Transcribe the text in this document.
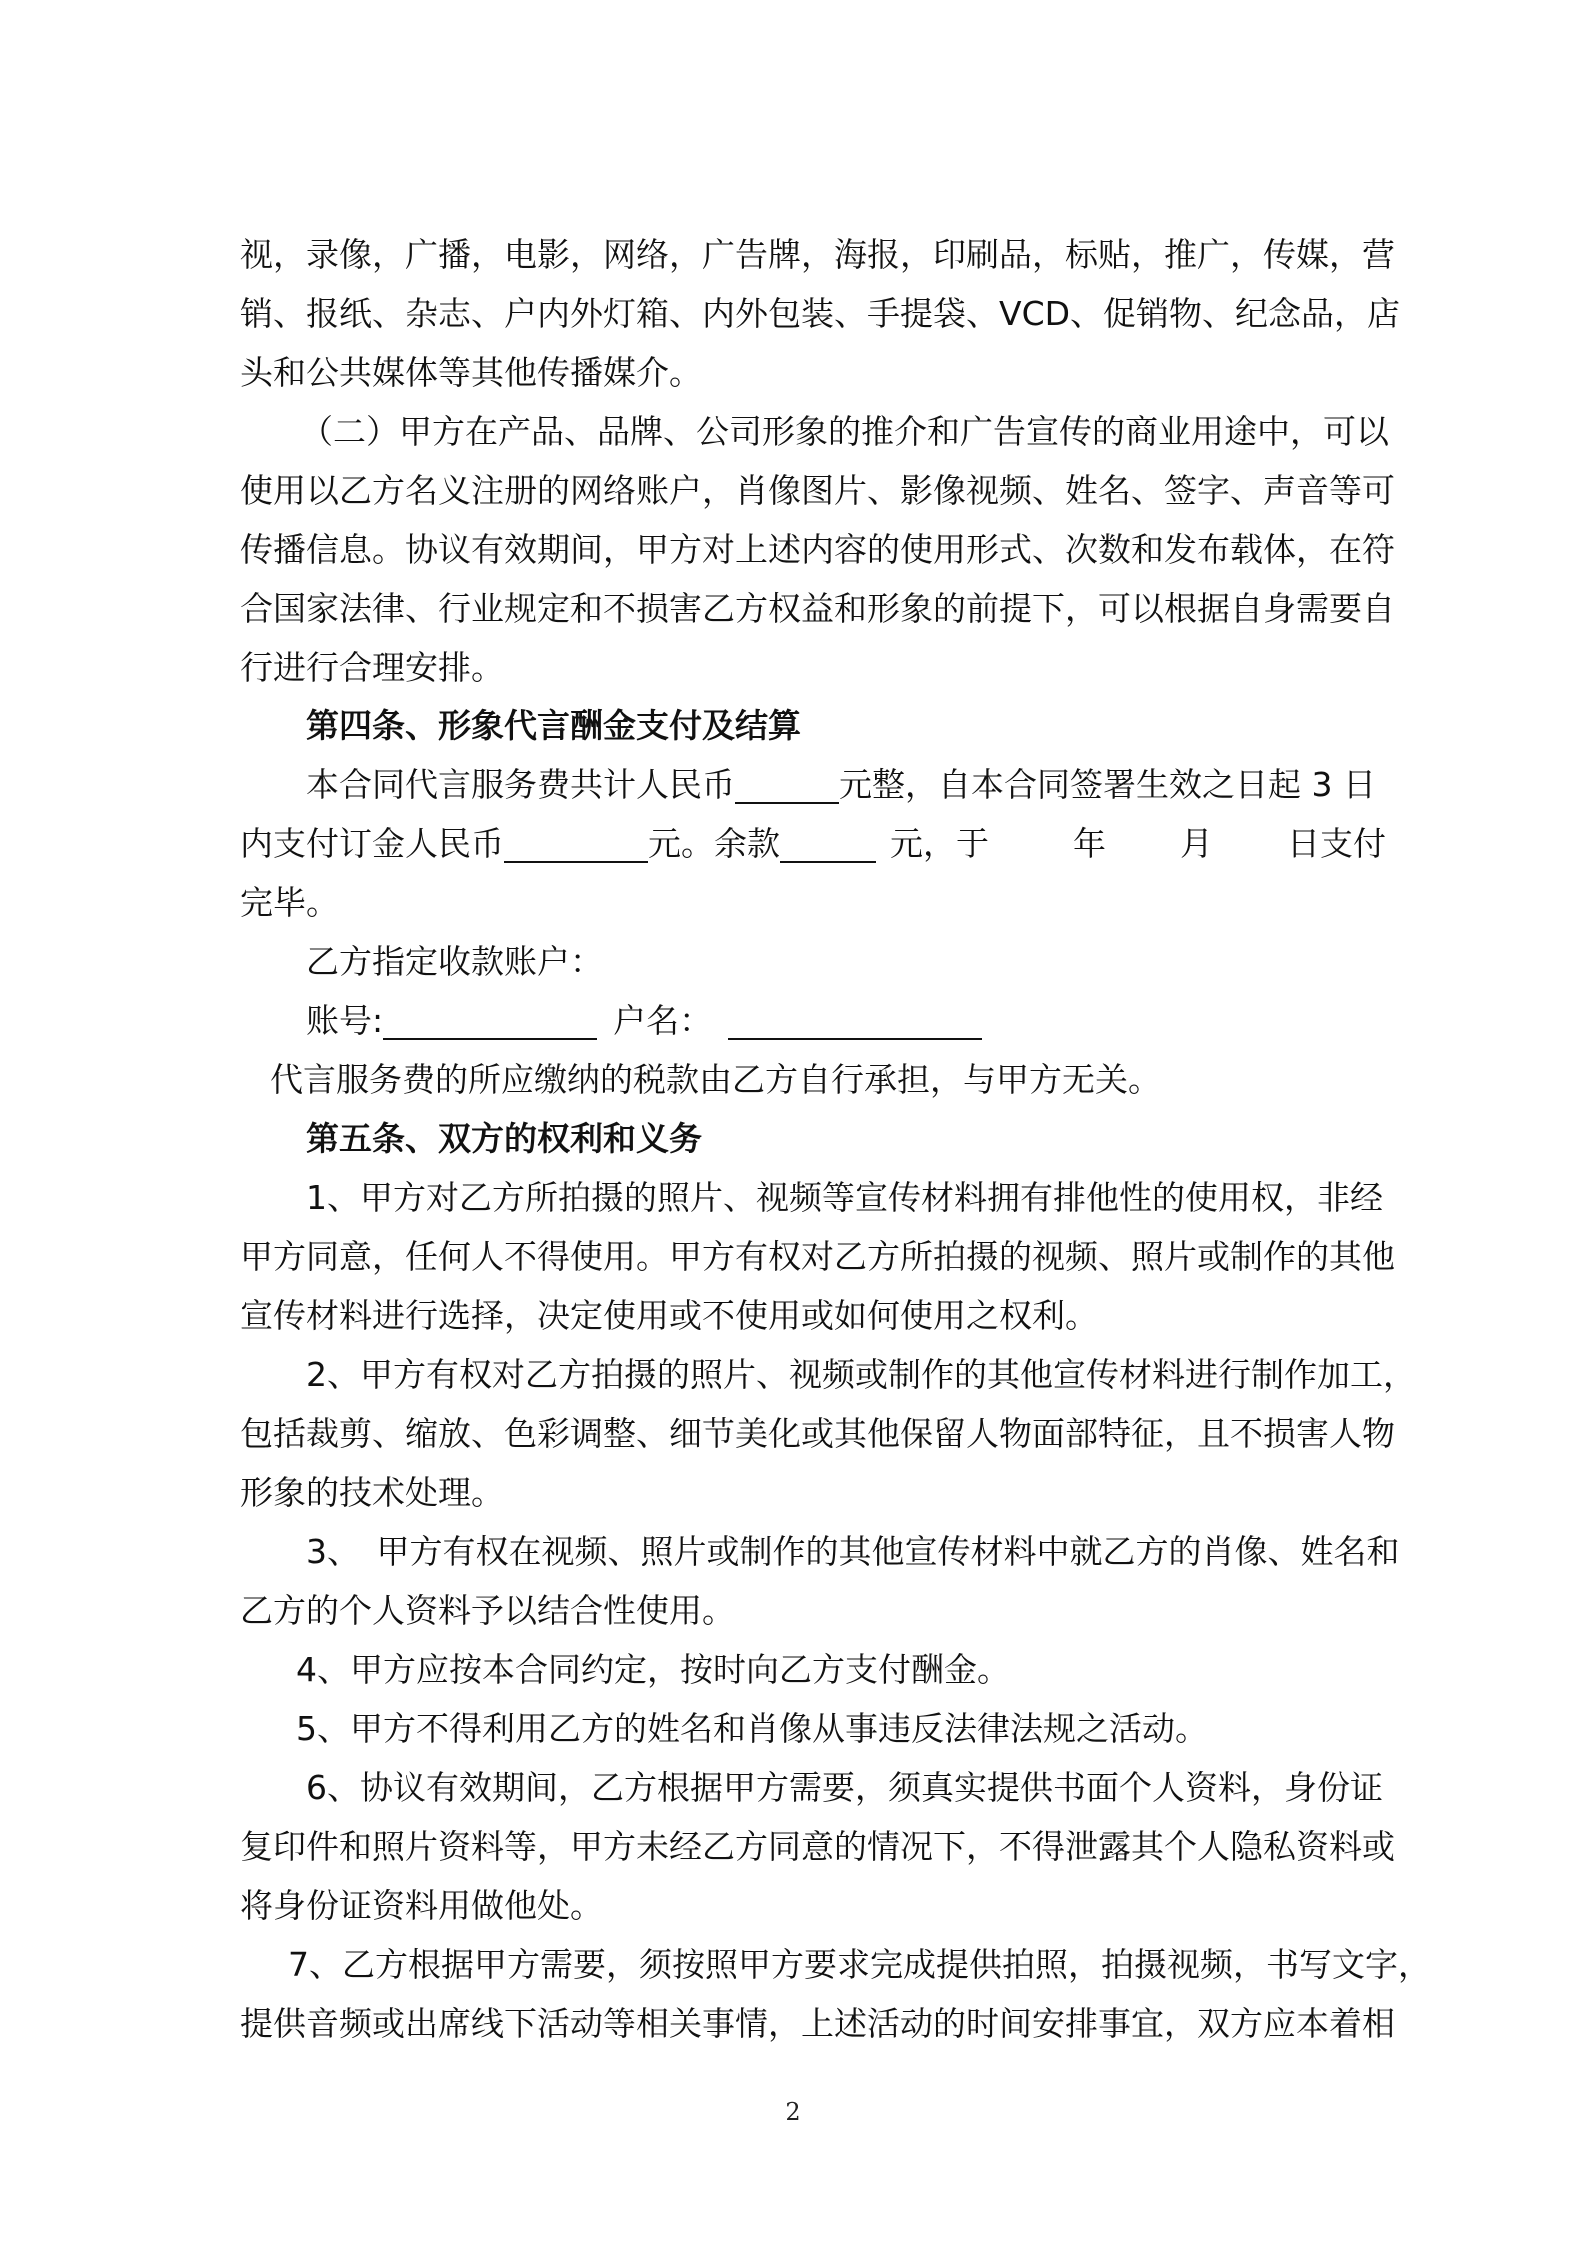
视，录像，广播，电影，网络，广告牌，海报，印刷品，标贴，推广，传媒，营

销、报纸、杂志、户内外灯箱、内外包装、手提袋、VCD、促销物、纪念品，店

头和公共媒体等其他传播媒介。

（二）甲方在产品、品牌、公司形象的推介和广告宣传的商业用途中，可以

使用以乙方名义注册的网络账户，肖像图片、影像视频、姓名、签字、声音等可

传播信息。协议有效期间，甲方对上述内容的使用形式、次数和发布载体，在符

合国家法律、行业规定和不损害乙方权益和形象的前提下，可以根据自身需要自

行进行合理安排。

第四条、形象代言酬金支付及结算

本合同代言服务费共计人民币	元整，自本合同签署生效之日起 3 日

内支付订金人民币	元。余款	元，于	年 月 日支付

完毕。

乙方指定收款账户：

账号:	户名：

代言服务费的所应缴纳的税款由乙方自行承担，与甲方无关。

第五条、双方的权利和义务

1、甲方对乙方所拍摄的照片、视频等宣传材料拥有排他性的使用权，非经

甲方同意，任何人不得使用。甲方有权对乙方所拍摄的视频、照片或制作的其他

宣传材料进行选择，决定使用或不使用或如何使用之权利。

2、甲方有权对乙方拍摄的照片、视频或制作的其他宣传材料进行制作加工，

包括裁剪、缩放、色彩调整、细节美化或其他保留人物面部特征，且不损害人物

形象的技术处理。

3、　甲方有权在视频、照片或制作的其他宣传材料中就乙方的肖像、姓名和

乙方的个人资料予以结合性使用。

4、甲方应按本合同约定，按时向乙方支付酬金。

5、甲方不得利用乙方的姓名和肖像从事违反法律法规之活动。

6、协议有效期间，乙方根据甲方需要，须真实提供书面个人资料，身份证

复印件和照片资料等，甲方未经乙方同意的情况下，不得泄露其个人隐私资料或

将身份证资料用做他处。

7、乙方根据甲方需要，须按照甲方要求完成提供拍照，拍摄视频，书写文字，

提供音频或出席线下活动等相关事情，上述活动的时间安排事宜，双方应本着相

2
